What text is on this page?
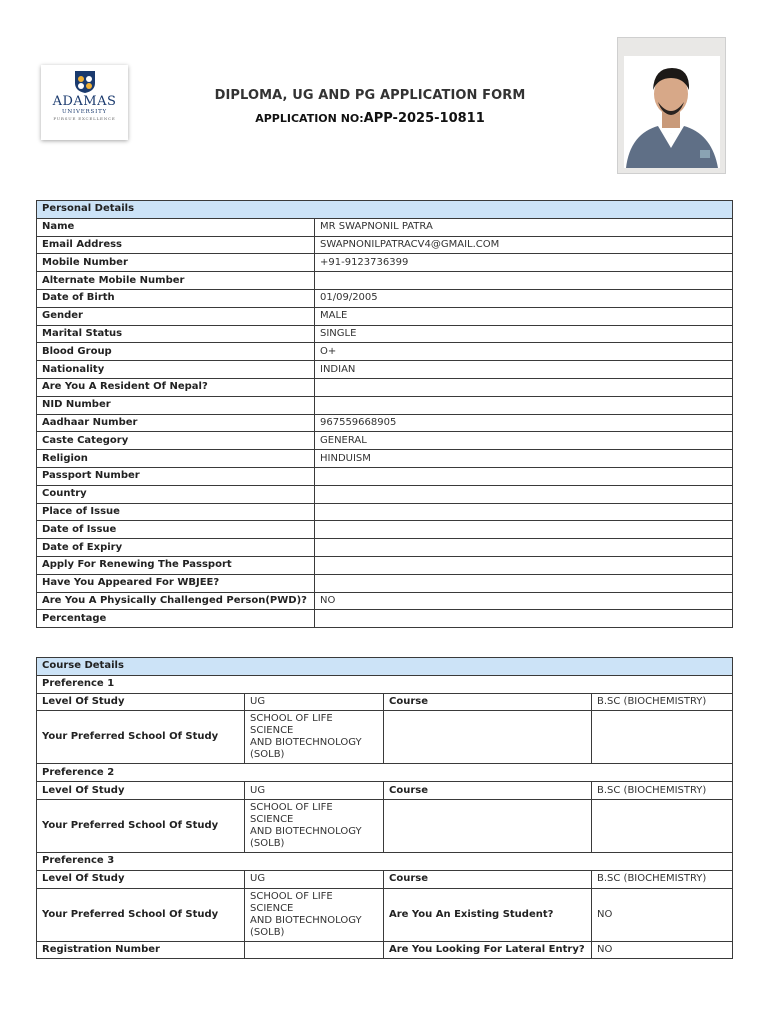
ADAMAS
UNIVERSITY
PURSUE EXCELLENCE
DIPLOMA, UG AND PG APPLICATION FORM
APPLICATION NO:APP-2025-10811
Personal Details	
Name	MR SWAPNONIL PATRA
Email Address	SWAPNONILPATRACV4@GMAIL.COM
Mobile Number	+91-9123736399
Alternate Mobile Number	
Date of Birth	01/09/2005
Gender	MALE
Marital Status	SINGLE
Blood Group	O+
Nationality	INDIAN
Are You A Resident Of Nepal?	
NID Number	
Aadhaar Number	967559668905
Caste Category	GENERAL
Religion	HINDUISM
Passport Number	
Country	
Place of Issue	
Date of Issue	
Date of Expiry	
Apply For Renewing The Passport	
Have You Appeared For WBJEE?	
Are You A Physically Challenged Person(PWD)?	NO
Percentage	
Course Details			
Preference 1			
Level Of Study	UG	Course	B.SC (BIOCHEMISTRY)
Your Preferred School Of Study	SCHOOL OF LIFE SCIENCE
AND BIOTECHNOLOGY
(SOLB)		

Preference 2			
Level Of Study	UG	Course	B.SC (BIOCHEMISTRY)
Your Preferred School Of Study	SCHOOL OF LIFE SCIENCE
AND BIOTECHNOLOGY
(SOLB)		

Preference 3			
Level Of Study	UG	Course	B.SC (BIOCHEMISTRY)
Your Preferred School Of Study	SCHOOL OF LIFE SCIENCE
AND BIOTECHNOLOGY
(SOLB)	Are You An Existing Student?	NO
Registration Number		Are You Looking For Lateral Entry?	NO
